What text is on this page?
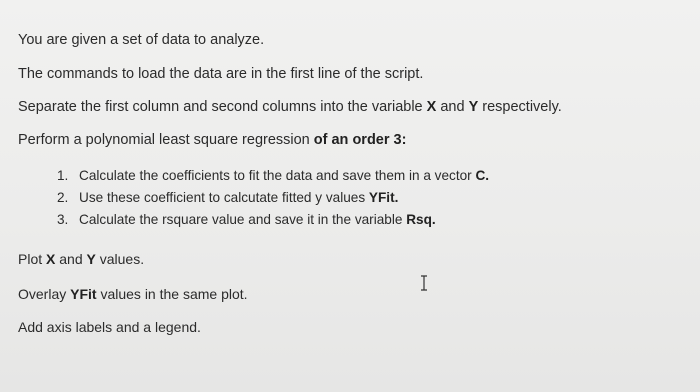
You are given a set of data to analyze.
The commands to load the data are in the first line of the script.
Separate the first column and second columns into the variable X and Y respectively.
Perform a polynomial least square regression of an order 3:
1. Calculate the coefficients to fit the data and save them in a vector C.
2. Use these coefficient to calcutate fitted y values YFit.
3. Calculate the rsquare value and save it in the variable Rsq.
Plot X and Y values.
Overlay YFit values in the same plot.
Add axis labels and a legend.
